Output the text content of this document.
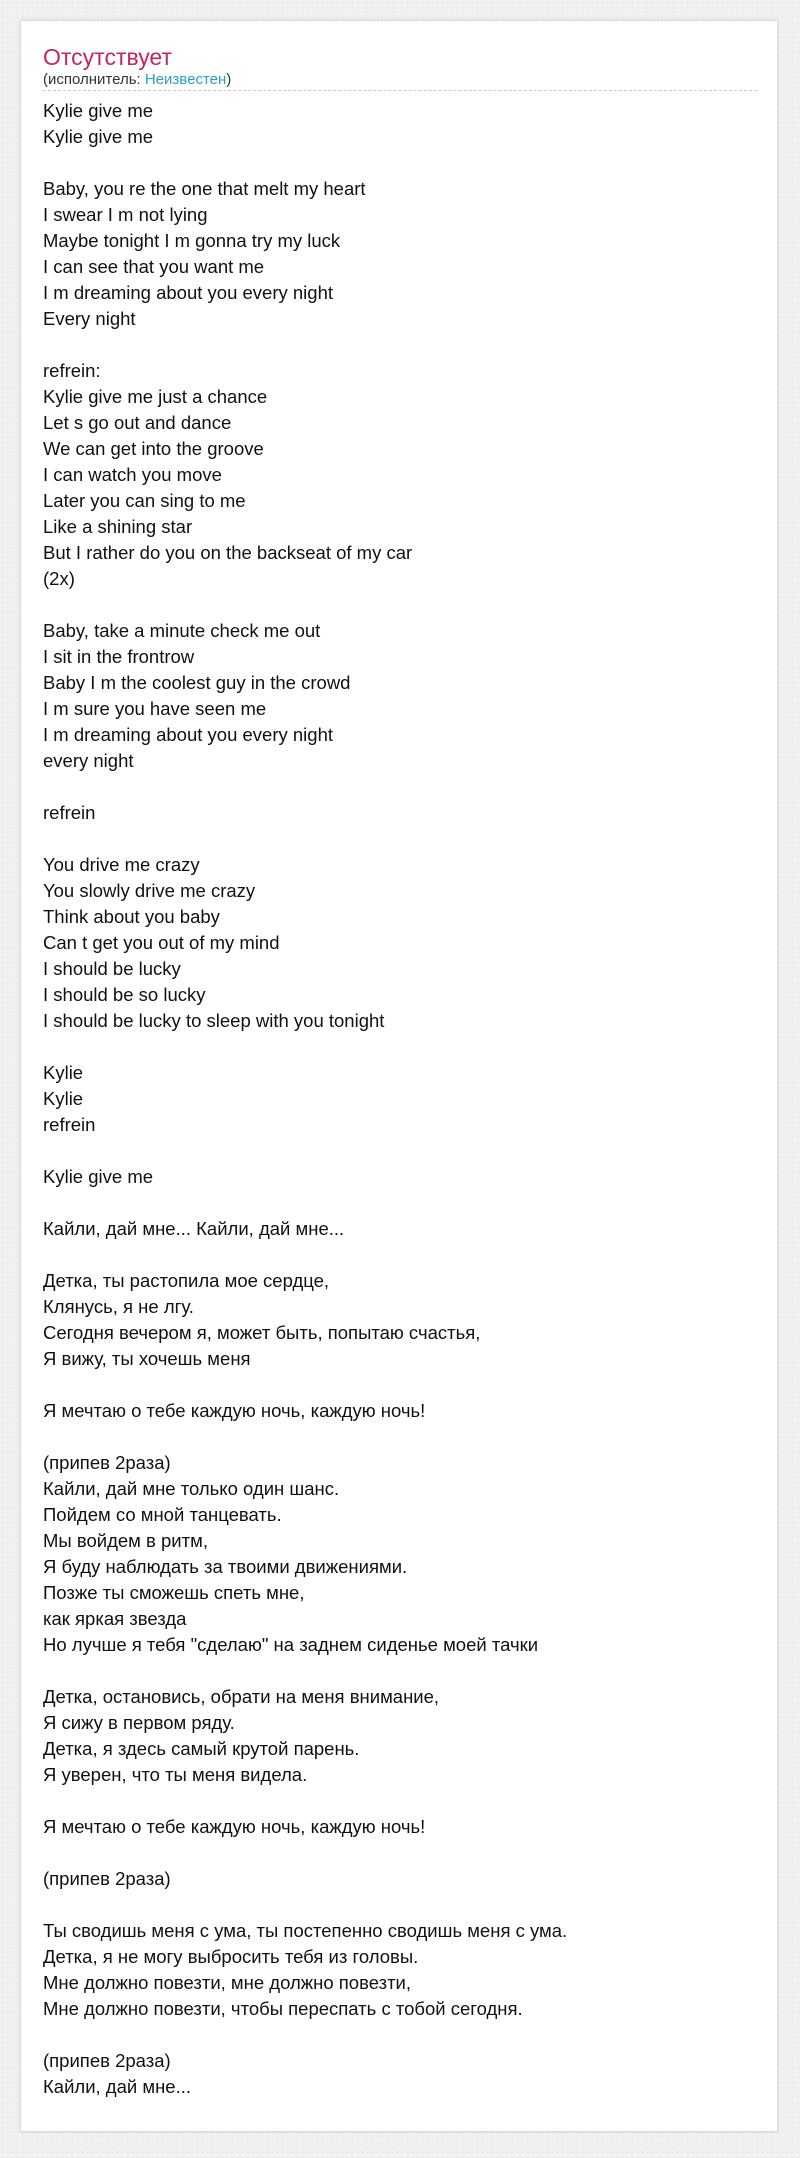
Отсутствует
(исполнитель: Неизвестен)
Kylie give me
Kylie give me
Baby, you re the one that melt my heart
I swear I m not lying
Maybe tonight I m gonna try my luck
I can see that you want me
I m dreaming about you every night
Every night
refrein:
Kylie give me just a chance
Let s go out and dance
We can get into the groove
I can watch you move
Later you can sing to me
Like a shining star
But I rather do you on the backseat of my car
(2x)
Baby, take a minute check me out
I sit in the frontrow
Baby I m the coolest guy in the crowd
I m sure you have seen me
I m dreaming about you every night
every night
refrein
You drive me crazy
You slowly drive me crazy
Think about you baby
Can t get you out of my mind
I should be lucky
I should be so lucky
I should be lucky to sleep with you tonight
Kylie
Kylie
refrein
Kylie give me
Кайли, дай мне... Кайли, дай мне...
Детка, ты растопила мое сердце,
Клянусь, я не лгу.
Сегодня вечером я, может быть, попытаю счастья,
Я вижу, ты хочешь меня
Я мечтаю о тебе каждую ночь, каждую ночь!
(припев 2раза)
Кайли, дай мне только один шанс.
Пойдем со мной танцевать.
Мы войдем в ритм,
Я буду наблюдать за твоими движениями.
Позже ты сможешь спеть мне,
как яркая звезда
Но лучше я тебя "сделаю" на заднем сиденье моей тачки
Детка, остановись, обрати на меня внимание,
Я сижу в первом ряду.
Детка, я здесь самый крутой парень.
Я уверен, что ты меня видела.
Я мечтаю о тебе каждую ночь, каждую ночь!
(припев 2раза)
Ты сводишь меня с ума, ты постепенно сводишь меня с ума.
Детка, я не могу выбросить тебя из головы.
Мне должно повезти, мне должно повезти,
Мне должно повезти, чтобы переспать с тобой сегодня.
(припев 2раза)
Кайли, дай мне...
